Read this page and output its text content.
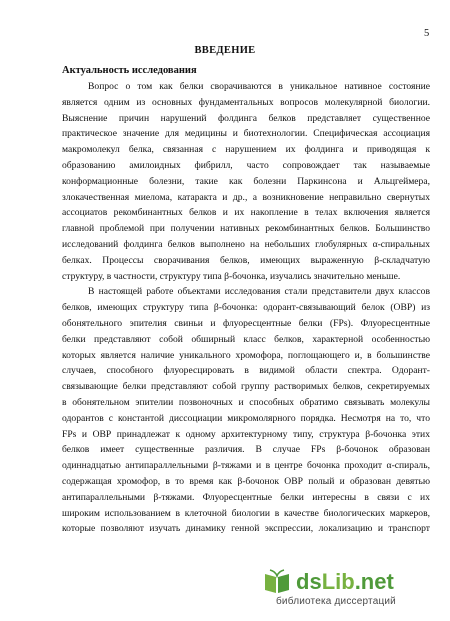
5
ВВЕДЕНИЕ
Актуальность исследования
Вопрос о том как белки сворачиваются в уникальное нативное состояние
является одним из основных фундаментальных вопросов молекулярной биологии.
Выяснение причин нарушений фолдинга белков представляет существенное
практическое значение для медицины и биотехнологии. Специфическая ассоциация
макромолекул белка, связанная с нарушением их фолдинга и приводящая к
образованию амилоидных фибрилл, часто сопровождает так называемые
конформационные болезни, такие как болезни Паркинсона и Альцгеймера,
злокачественная миелома, катаракта и др., а возникновение неправильно свернутых
ассоциатов рекомбинантных белков и их накопление в телах включения является
главной проблемой при получении нативных рекомбинантных белков. Большинство
исследований фолдинга белков выполнено на небольших глобулярных α-спиральных
белках. Процессы сворачивания белков, имеющих выраженную β-складчатую
структуру, в частности, структуру типа β-бочонка, изучались значительно меньше.
В настоящей работе объектами исследования стали представители двух классов
белков, имеющих структуру типа β-бочонка: одорант-связывающий белок (ОВР) из
обонятельного эпителия свиньи и флуоресцентные белки (FPs). Флуоресцентные
белки представляют собой обширный класс белков, характерной особенностью
которых является наличие уникального хромофора, поглощающего и, в большинстве
случаев, способного флуоресцировать в видимой области спектра. Одорант-
связывающие белки представляют собой группу растворимых белков, секретируемых
в обонятельном эпителии позвоночных и способных обратимо связывать молекулы
одорантов с константой диссоциации микромолярного порядка. Несмотря на то, что
FPs и ОВР принадлежат к одному архитектурному типу, структура β-бочонка этих
белков имеет существенные различия. В случае FPs β-бочонок образован
одиннадцатью антипараллельными β-тяжами и в центре бочонка проходит α-спираль,
содержащая хромофор, в то время как β-бочонок ОВР полый и образован девятью
антипараллельными β-тяжами. Флуоресцентные белки интересны в связи с их
широким использованием в клеточной биологии в качестве биологических маркеров,
которые позволяют изучать динамику генной экспрессии, локализацию и транспорт
dsLib.net
библиотека диссертаций
